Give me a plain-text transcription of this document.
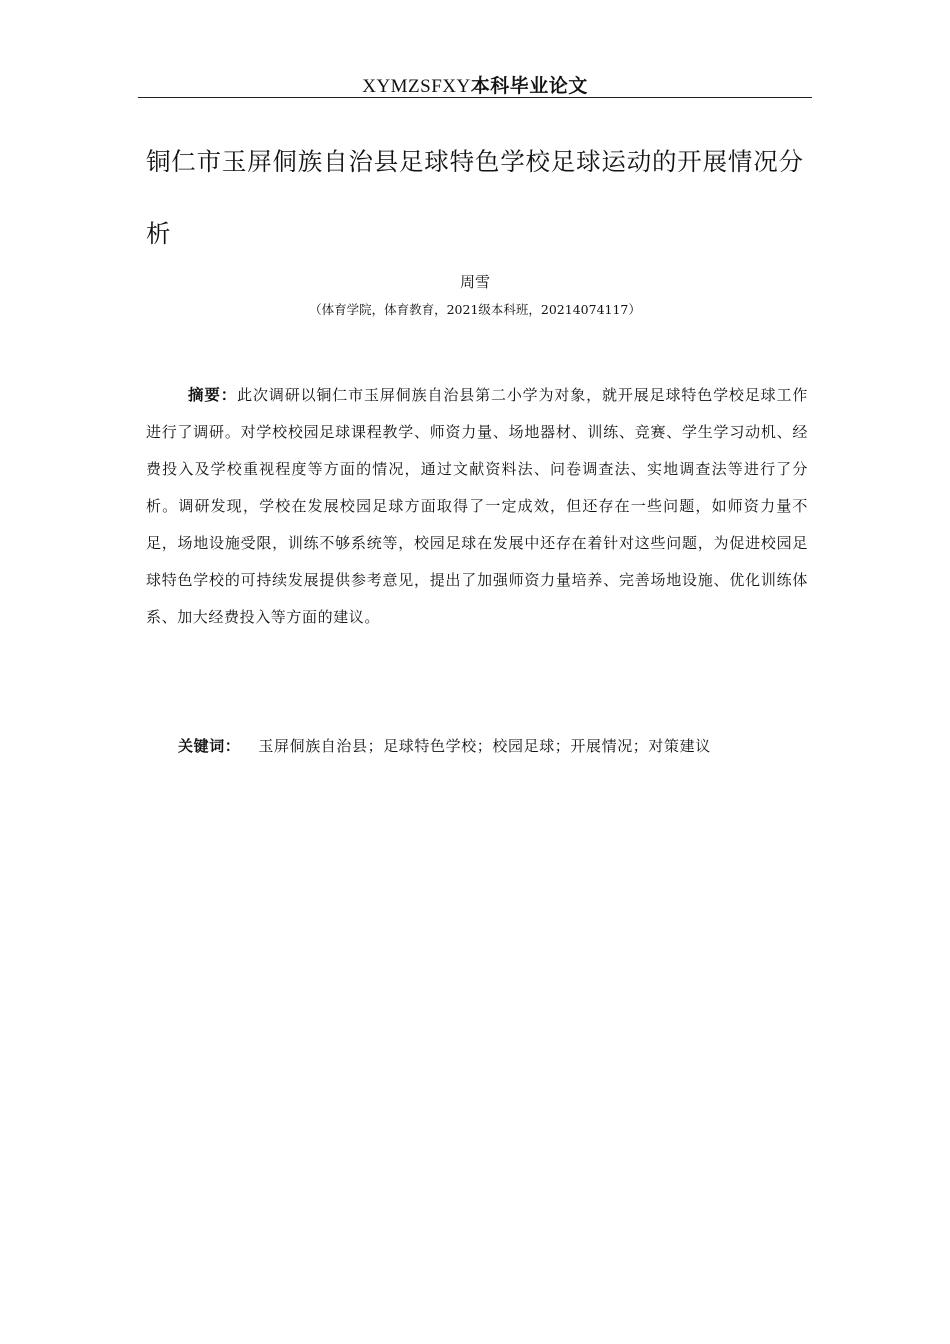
XYMZSFXY本科毕业论文
铜仁市玉屏侗族自治县足球特色学校足球运动的开展情况分析
周雪
（体育学院，体育教育，2021级本科班，20214074117）

摘要：此次调研以铜仁市玉屏侗族自治县第二小学为对象，就开展足球特色学校足球工作进行了调研。对学校校园足球课程教学、师资力量、场地器材、训练、竞赛、学生学习动机、经费投入及学校重视程度等方面的情况，通过文献资料法、问卷调查法、实地调查法等进行了分析。调研发现，学校在发展校园足球方面取得了一定成效，但还存在一些问题，如师资力量不足，场地设施受限，训练不够系统等，校园足球在发展中还存在着针对这些问题，为促进校园足球特色学校的可持续发展提供参考意见，提出了加强师资力量培养、完善场地设施、优化训练体系、加大经费投入等方面的建议。

关键词： 玉屏侗族自治县；足球特色学校；校园足球；开展情况；对策建议
